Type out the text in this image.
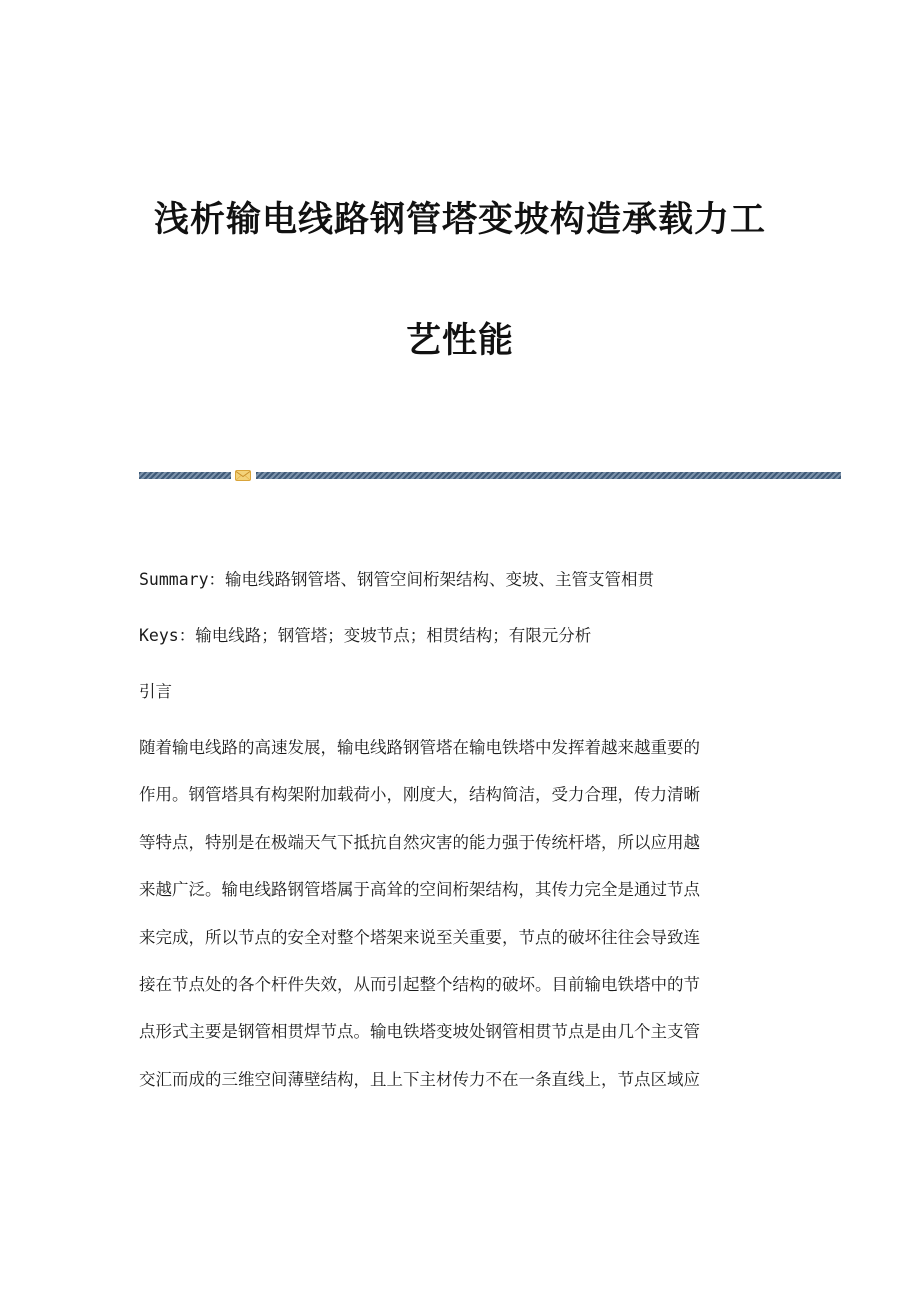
浅析输电线路钢管塔变坡构造承载力工
艺性能
Summary：输电线路钢管塔、钢管空间桁架结构、变坡、主管支管相贯
Keys：输电线路；钢管塔；变坡节点；相贯结构；有限元分析
引言
随着输电线路的高速发展，输电线路钢管塔在输电铁塔中发挥着越来越重要的
作用。钢管塔具有构架附加载荷小，刚度大，结构简洁，受力合理，传力清晰
等特点，特别是在极端天气下抵抗自然灾害的能力强于传统杆塔，所以应用越
来越广泛。输电线路钢管塔属于高耸的空间桁架结构，其传力完全是通过节点
来完成，所以节点的安全对整个塔架来说至关重要，节点的破坏往往会导致连
接在节点处的各个杆件失效，从而引起整个结构的破坏。目前输电铁塔中的节
点形式主要是钢管相贯焊节点。输电铁塔变坡处钢管相贯节点是由几个主支管
交汇而成的三维空间薄壁结构，且上下主材传力不在一条直线上，节点区域应
